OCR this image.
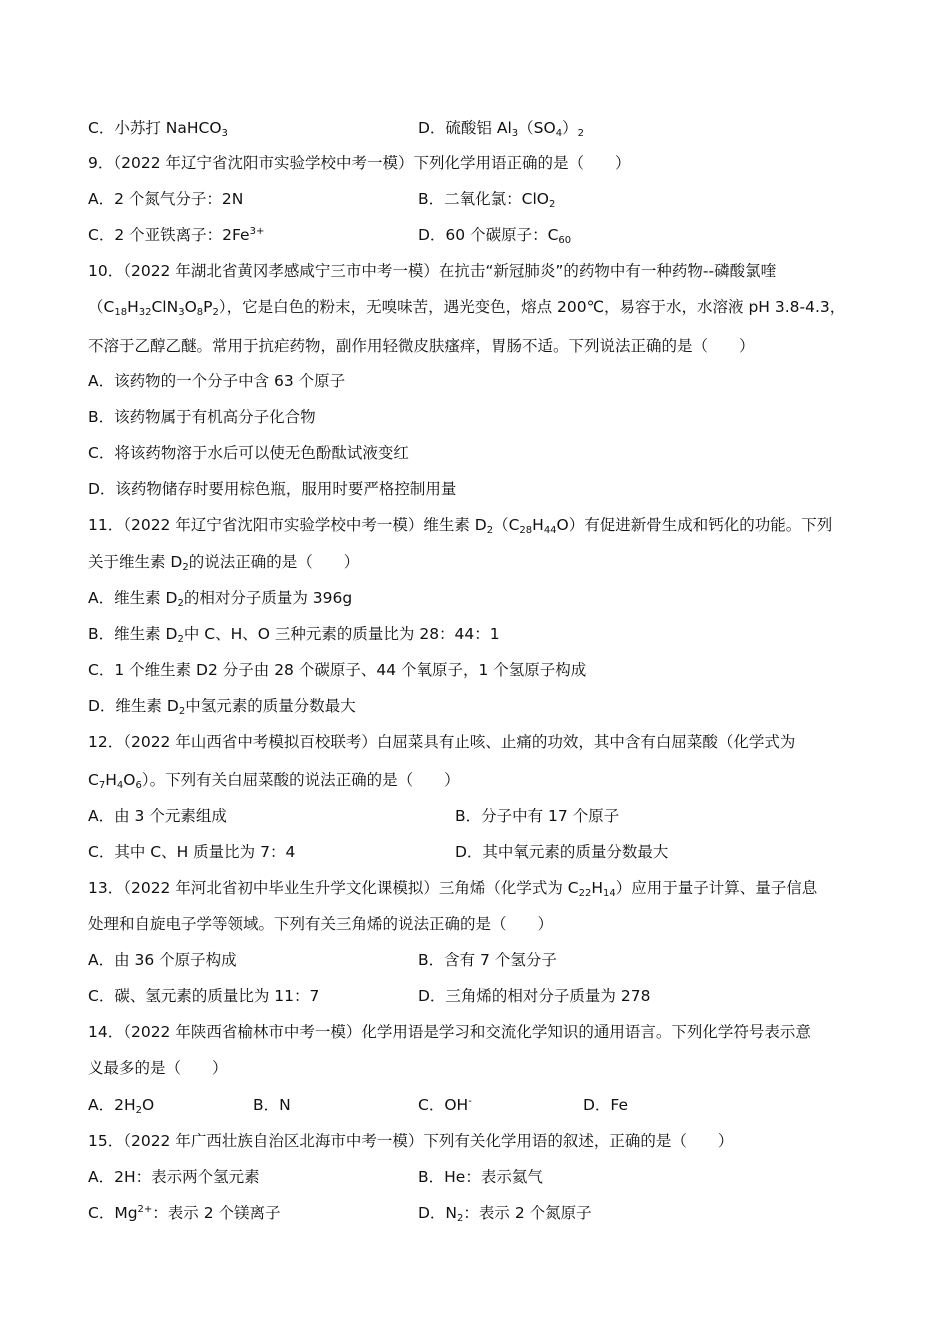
C．小苏打 NaHCO$_3$	D．硫酸铝 $Al_3(SO_4)_2$
9．（2022 年辽宁省沈阳市实验学校中考一模）下列化学用语正确的是（　　）
A．2 个氮气分子：2N	B．二氧化氯：ClO$_2$
C．2 个亚铁离子：$2Fe^{3+}$	D．60 个碳原子：$C_{60}$
10．（2022 年湖北省黄冈孝感咸宁三市中考一模）在抗击“新冠肺炎”的药物中有一种药物--磷酸氯喹
$(C_{18}H_{32}ClN_3O_8P_2)$，它是白色的粉末，无嗅味苦，遇光变色，熔点 200℃，易容于水，水溶液 pH 3.8-4.3，
不溶于乙醇乙醚。常用于抗疟药物，副作用轻微皮肤瘙痒，胃肠不适。下列说法正确的是（　　）
A．该药物的一个分子中含 63 个原子
B．该药物属于有机高分子化合物
C．将该药物溶于水后可以使无色酚酞试液变红
D．该药物储存时要用棕色瓶，服用时要严格控制用量
11．（2022 年辽宁省沈阳市实验学校中考一模）维生素 $D_2(C_{28}H_{44}O)$有促进新骨生成和钙化的功能。下列
关于维生素 $D_2$的说法正确的是（　　）
A．维生素 $D_2$的相对分子质量为 396g
B．维生素 $D_2$中 C、H、O 三种元素的质量比为 28：44：1
C．1 个维生素 D2 分子由 28 个碳原子、44 个氧原子，1 个氢原子构成
D．维生素 $D_2$中氢元素的质量分数最大
12．（2022 年山西省中考模拟百校联考）白屈菜具有止咳、止痛的功效，其中含有白屈菜酸（化学式为
$C_7H_4O_6$）。下列有关白屈菜酸的说法正确的是（　　）
A．由 3 个元素组成	B．分子中有 17 个原子
C．其中 C、H 质量比为 7：4	D．其中氧元素的质量分数最大
13．（2022 年河北省初中毕业生升学文化课模拟）三角烯（化学式为 $C_{22}H_{14}$）应用于量子计算、量子信息
处理和自旋电子学等领域。下列有关三角烯的说法正确的是（　　）
A．由 36 个原子构成	B．含有 7 个氢分子
C．碳、氢元素的质量比为 11：7	D．三角烯的相对分子质量为 278
14．（2022 年陕西省榆林市中考一模）化学用语是学习和交流化学知识的通用语言。下列化学符号表示意
义最多的是（　　）
A．$2H_2O$	B．N	C．OH-	D．Fe
15．（2022 年广西壮族自治区北海市中考一模）下列有关化学用语的叙述，正确的是（　　）
A．2H：表示两个氢元素	B．He：表示氦气
C．$Mg^{2+}$：表示 2 个镁离子	D．$N_2$：表示 2 个氮原子
